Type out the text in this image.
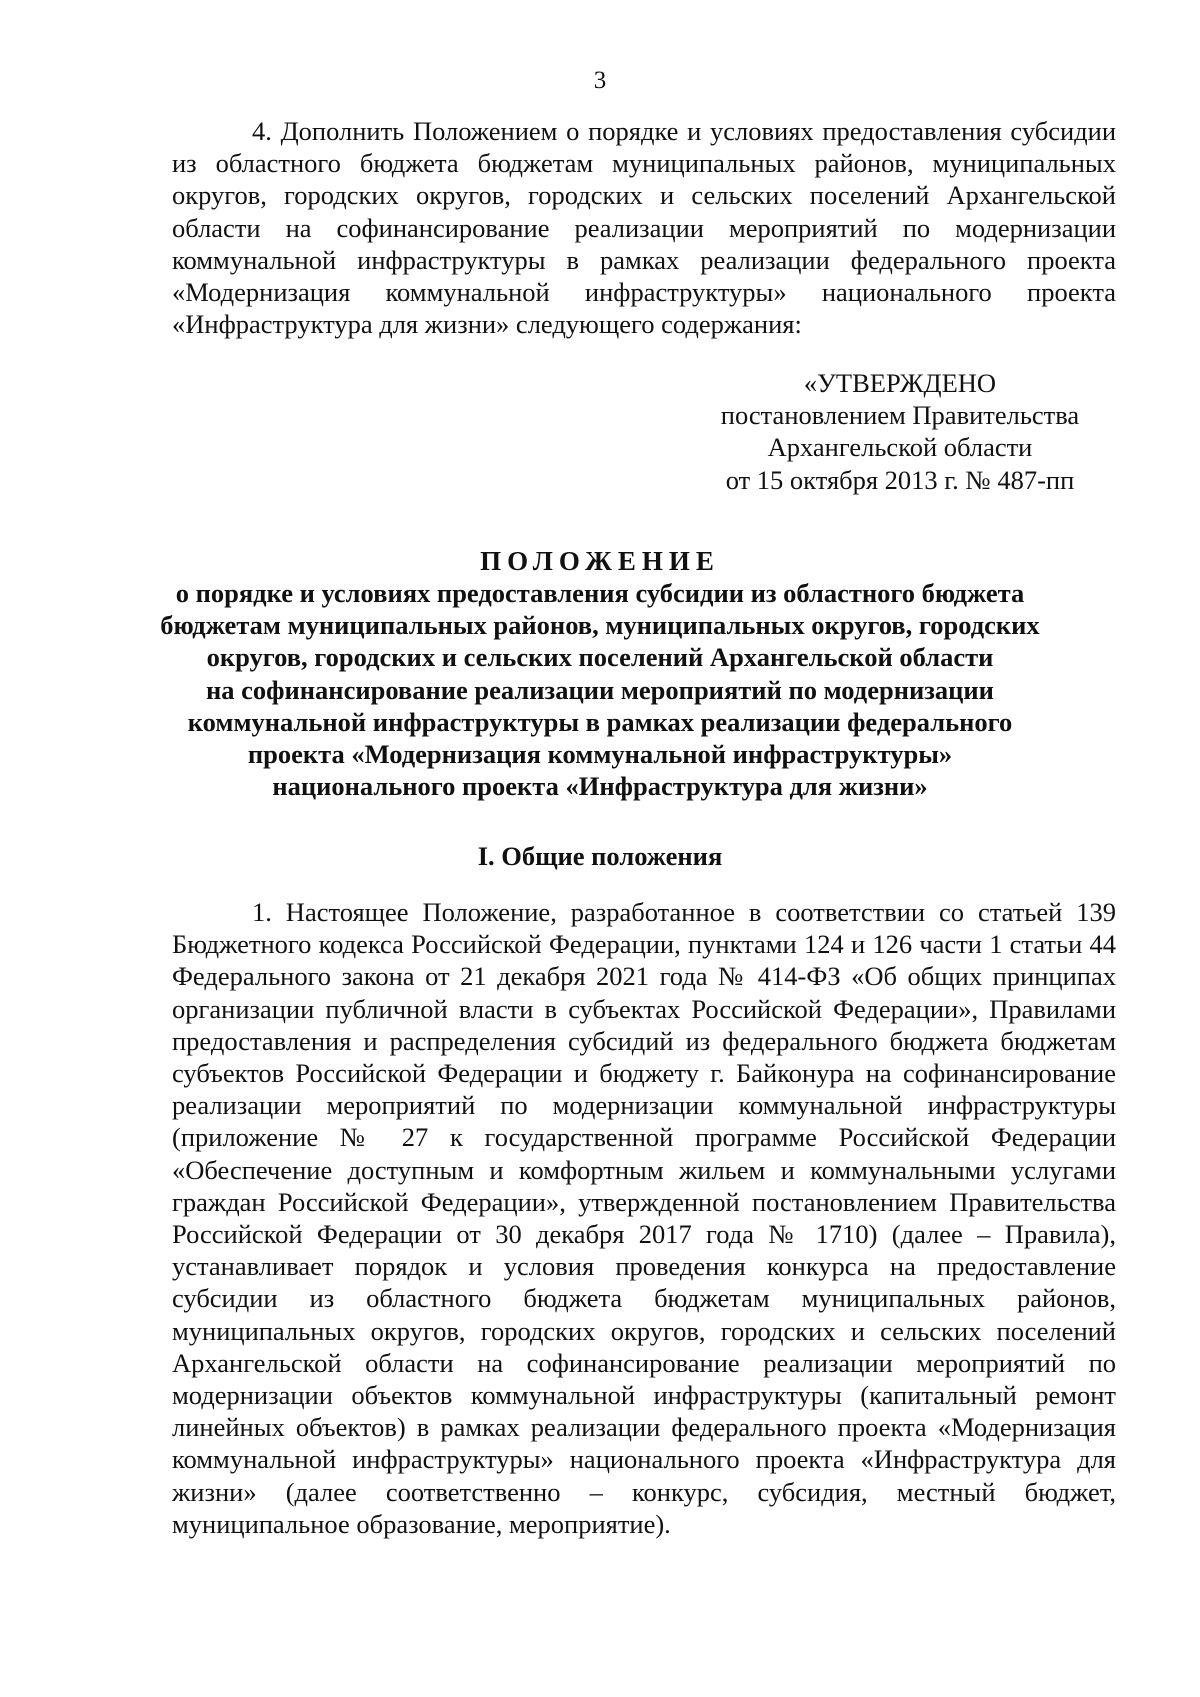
3

4. Дополнить Положением о порядке и условиях предоставления субсидии из областного бюджета бюджетам муниципальных районов, муниципальных округов, городских округов, городских и сельских поселений Архангельской области на софинансирование реализации мероприятий по модернизации коммунальной инфраструктуры в рамках реализации федерального проекта «Модернизация коммунальной инфраструктуры» национального проекта «Инфраструктура для жизни» следующего содержания:

«УТВЕРЖДЕНО
постановлением Правительства
Архангельской области
от 15 октября 2013 г. № 487-пп
ПОЛОЖЕНИЕ
о порядке и условиях предоставления субсидии из областного бюджета
бюджетам муниципальных районов, муниципальных округов, городских
округов, городских и сельских поселений Архангельской области
на софинансирование реализации мероприятий по модернизации
коммунальной инфраструктуры в рамках реализации федерального
проекта «Модернизация коммунальной инфраструктуры»
национального проекта «Инфраструктура для жизни»
I. Общие положения

1. Настоящее Положение, разработанное в соответствии со статьей 139 Бюджетного кодекса Российской Федерации, пунктами 124 и 126 части 1 статьи 44 Федерального закона от 21 декабря 2021 года № 414-ФЗ «Об общих принципах организации публичной власти в субъектах Российской Федерации», Правилами предоставления и распределения субсидий из федерального бюджета бюджетам субъектов Российской Федерации и бюджету г. Байконура на софинансирование реализации мероприятий по модернизации коммунальной инфраструктуры (приложение № 27 к государственной программе Российской Федерации «Обеспечение доступным и комфортным жильем и коммунальными услугами граждан Российской Федерации», утвержденной постановлением Правительства Российской Федерации от 30 декабря 2017 года № 1710) (далее – Правила), устанавливает порядок и условия проведения конкурса на предоставление субсидии из областного бюджета бюджетам муниципальных районов, муниципальных округов, городских округов, городских и сельских поселений Архангельской области на софинансирование реализации мероприятий по модернизации объектов коммунальной инфраструктуры (капитальный ремонт линейных объектов) в рамках реализации федерального проекта «Модернизация коммунальной инфраструктуры» национального проекта «Инфраструктура для жизни» (далее соответственно – конкурс, субсидия, местный бюджет, муниципальное образование, мероприятие).
